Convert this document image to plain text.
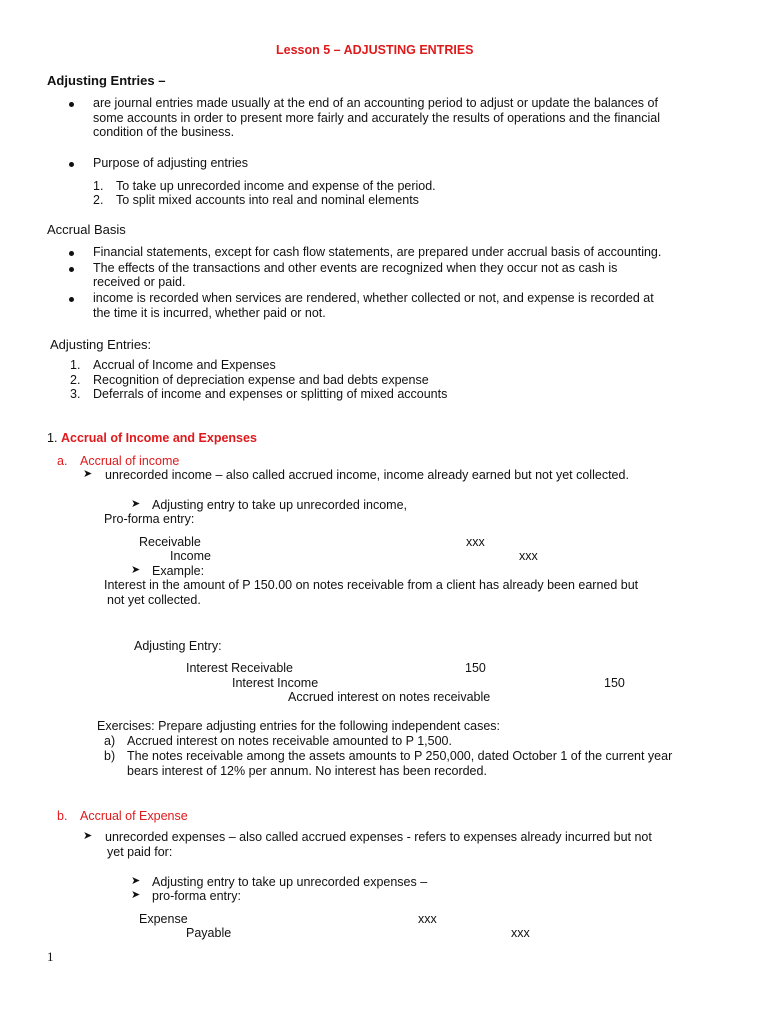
Lesson 5 – ADJUSTING ENTRIES
Adjusting Entries –
are journal entries made usually at the end of an accounting period to adjust or update the balances of
some accounts in order to present more fairly and accurately the results of operations and the financial
condition of the business.
Purpose of adjusting entries
1. To take up unrecorded income and expense of the period.
2. To split mixed accounts into real and nominal elements
Accrual Basis
Financial statements, except for cash flow statements, are prepared under accrual basis of accounting.
The effects of the transactions and other events are recognized when they occur not as cash is
received or paid.
income is recorded when services are rendered, whether collected or not, and expense is recorded at
the time it is incurred, whether paid or not.
Adjusting Entries:
1. Accrual of Income and Expenses
2. Recognition of depreciation expense and bad debts expense
3. Deferrals of income and expenses or splitting of mixed accounts
1. Accrual of Income and Expenses
a. Accrual of income
➤ unrecorded income – also called accrued income, income already earned but not yet collected.
➤ Adjusting entry to take up unrecorded income,
Pro-forma entry:
Receivable	xxx
Income	xxx
➤ Example:
Interest in the amount of P 150.00 on notes receivable from a client has already been earned but
not yet collected.
Adjusting Entry:
Interest Receivable	150
Interest Income	150
Accrued interest on notes receivable
Exercises: Prepare adjusting entries for the following independent cases:
a) Accrued interest on notes receivable amounted to P 1,500.
b) The notes receivable among the assets amounts to P 250,000, dated October 1 of the current year
bears interest of 12% per annum. No interest has been recorded.
b. Accrual of Expense
➤ unrecorded expenses – also called accrued expenses - refers to expenses already incurred but not
yet paid for:
➤ Adjusting entry to take up unrecorded expenses –
➤ pro-forma entry:
Expense	xxx
Payable	xxx
1
